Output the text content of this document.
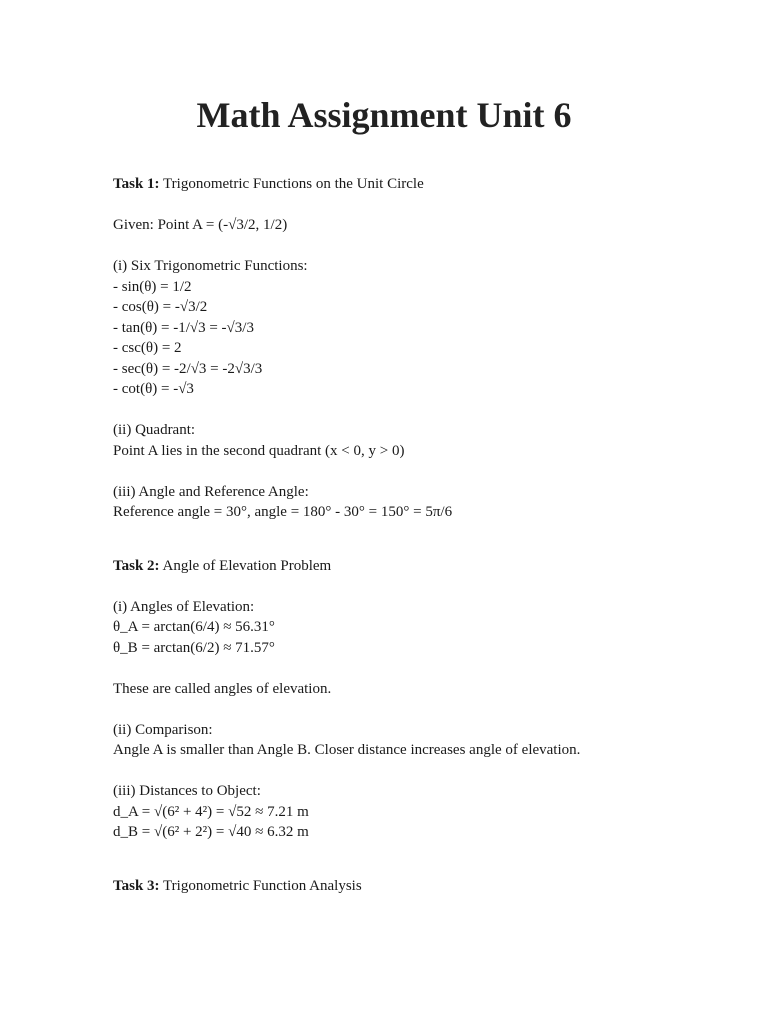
Math Assignment Unit 6

Task 1: Trigonometric Functions on the Unit Circle

Given: Point A = (-√3/2, 1/2)

(i) Six Trigonometric Functions:
- sin(θ) = 1/2
- cos(θ) = -√3/2
- tan(θ) = -1/√3 = -√3/3
- csc(θ) = 2
- sec(θ) = -2/√3 = -2√3/3
- cot(θ) = -√3
(ii) Quadrant:
Point A lies in the second quadrant (x < 0, y > 0)
(iii) Angle and Reference Angle:
Reference angle = 30°, angle = 180° - 30° = 150° = 5π/6

Task 2: Angle of Elevation Problem

(i) Angles of Elevation:
θ_A = arctan(6/4) ≈ 56.31°
θ_B = arctan(6/2) ≈ 71.57°
These are called angles of elevation.
(ii) Comparison:
Angle A is smaller than Angle B. Closer distance increases angle of elevation.
(iii) Distances to Object:
d_A = √(6² + 4²) = √52 ≈ 7.21 m
d_B = √(6² + 2²) = √40 ≈ 6.32 m

Task 3: Trigonometric Function Analysis
